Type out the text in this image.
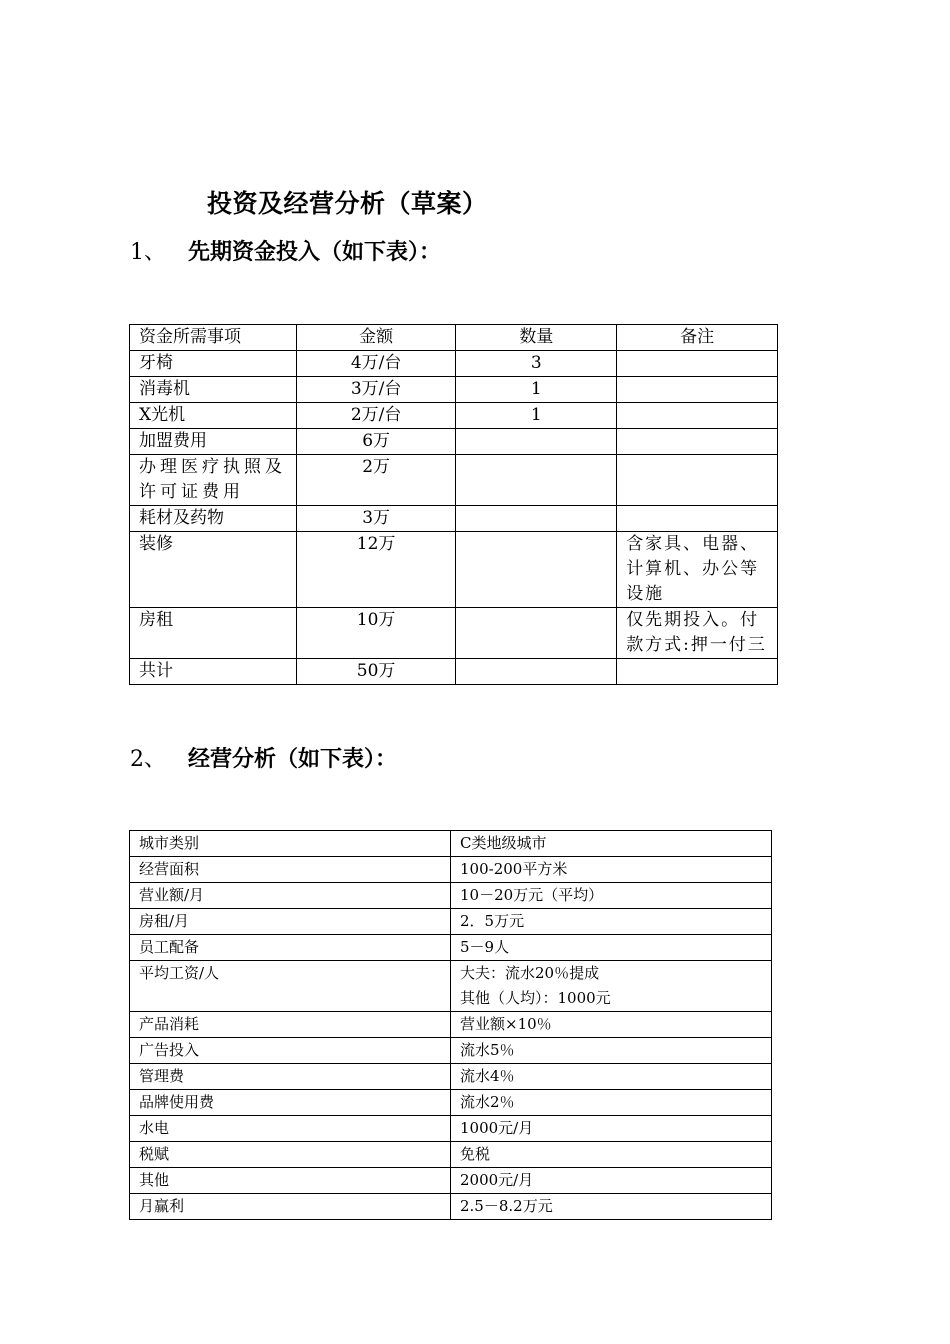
投资及经营分析（草案）
1、	先期资金投入（如下表）：
资金所需事项	金额	数量	备注
牙椅	4万/台	3	
消毒机	3万/台	1	
X光机	2万/台	1	
加盟费用	6万		
办理医疗执照及许可证费用	2万		
耗材及药物	3万		
装修	12万		含家具、电器、计算机、办公等设施
房租	10万		仅先期投入。付款方式:押一付三
共计	50万		
2、	经营分析（如下表）：
城市类别	C类地级城市
经营面积	100-200平方米
营业额/月	10－20万元（平均）
房租/月	2．5万元
员工配备	5－9人
平均工资/人	大夫：流水20％提成
其他（人均）：1000元

产品消耗	营业额×10％
广告投入	流水5％
管理费	流水4％
品牌使用费	流水2％
水电	1000元/月
税赋	免税
其他	2000元/月
月赢利	2.5－8.2万元
